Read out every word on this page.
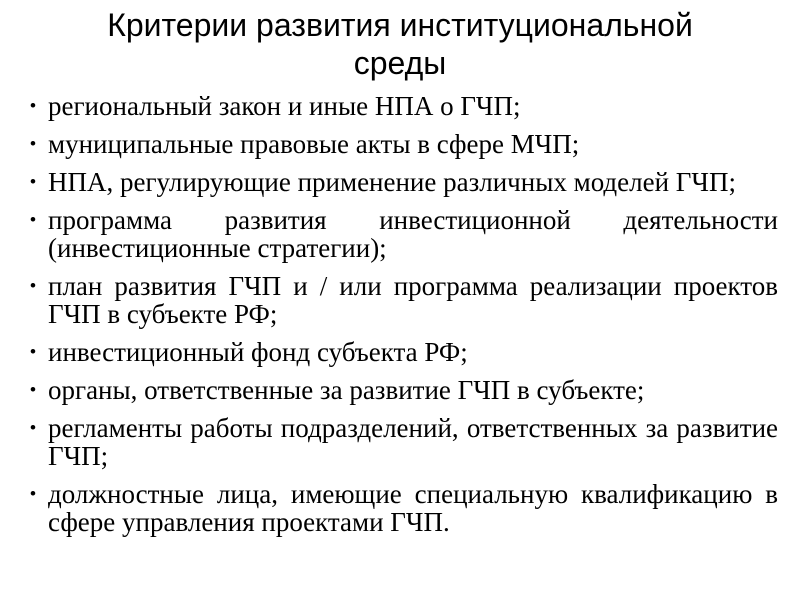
Критерии развития институциональной среды
• региональный закон и иные НПА о ГЧП;
• муниципальные правовые акты в сфере МЧП;
• НПА, регулирующие применение различных моделей ГЧП;
• программа развития инвестиционной деятельности (инвестиционные стратегии);
• план развития ГЧП и / или программа реализации проектов ГЧП в субъекте РФ;
• инвестиционный фонд субъекта РФ;
• органы, ответственные за развитие ГЧП в субъекте;
• регламенты работы подразделений, ответственных за развитие ГЧП;
• должностные лица, имеющие специальную квалификацию в сфере управления проектами ГЧП.
